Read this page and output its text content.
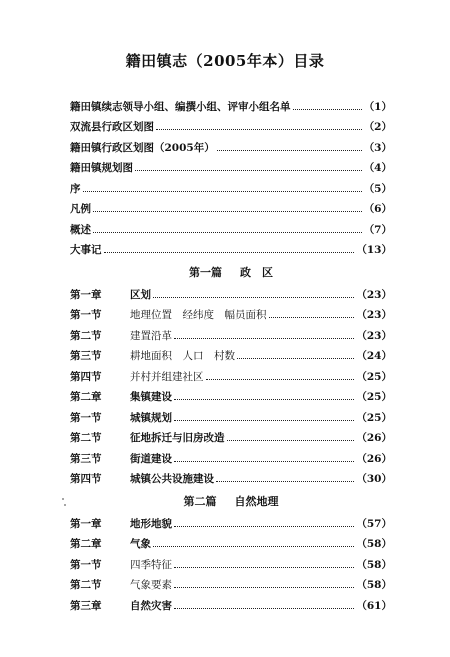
籍田镇志（2005年本）目录
籍田镇续志领导小组、编撰小组、评审小组名单	（1）
双流县行政区划图	（2）
籍田镇行政区划图（2005年）	（3）
籍田镇规划图	（4）
序	（5）
凡例	（6）
概述	（7）
大事记	（13）
第一篇 政　区
第一章	区划	（23）
第一节	地理位置　经纬度　幅员面积	（23）
第二节	建置沿革	（23）
第三节	耕地面积　人口　村数	（24）
第四节	并村并组建社区	（25）
第二章	集镇建设	（25）
第一节	城镇规划	（25）
第二节	征地拆迁与旧房改造	（26）
第三节	街道建设	（26）
第四节	城镇公共设施建设	（30）
第二篇 自然地理
第一章	地形地貌	（57）
第二章	气象	（58）
第一节	四季特征	（58）
第二节	气象要素	（58）
第三章	自然灾害	（61）
